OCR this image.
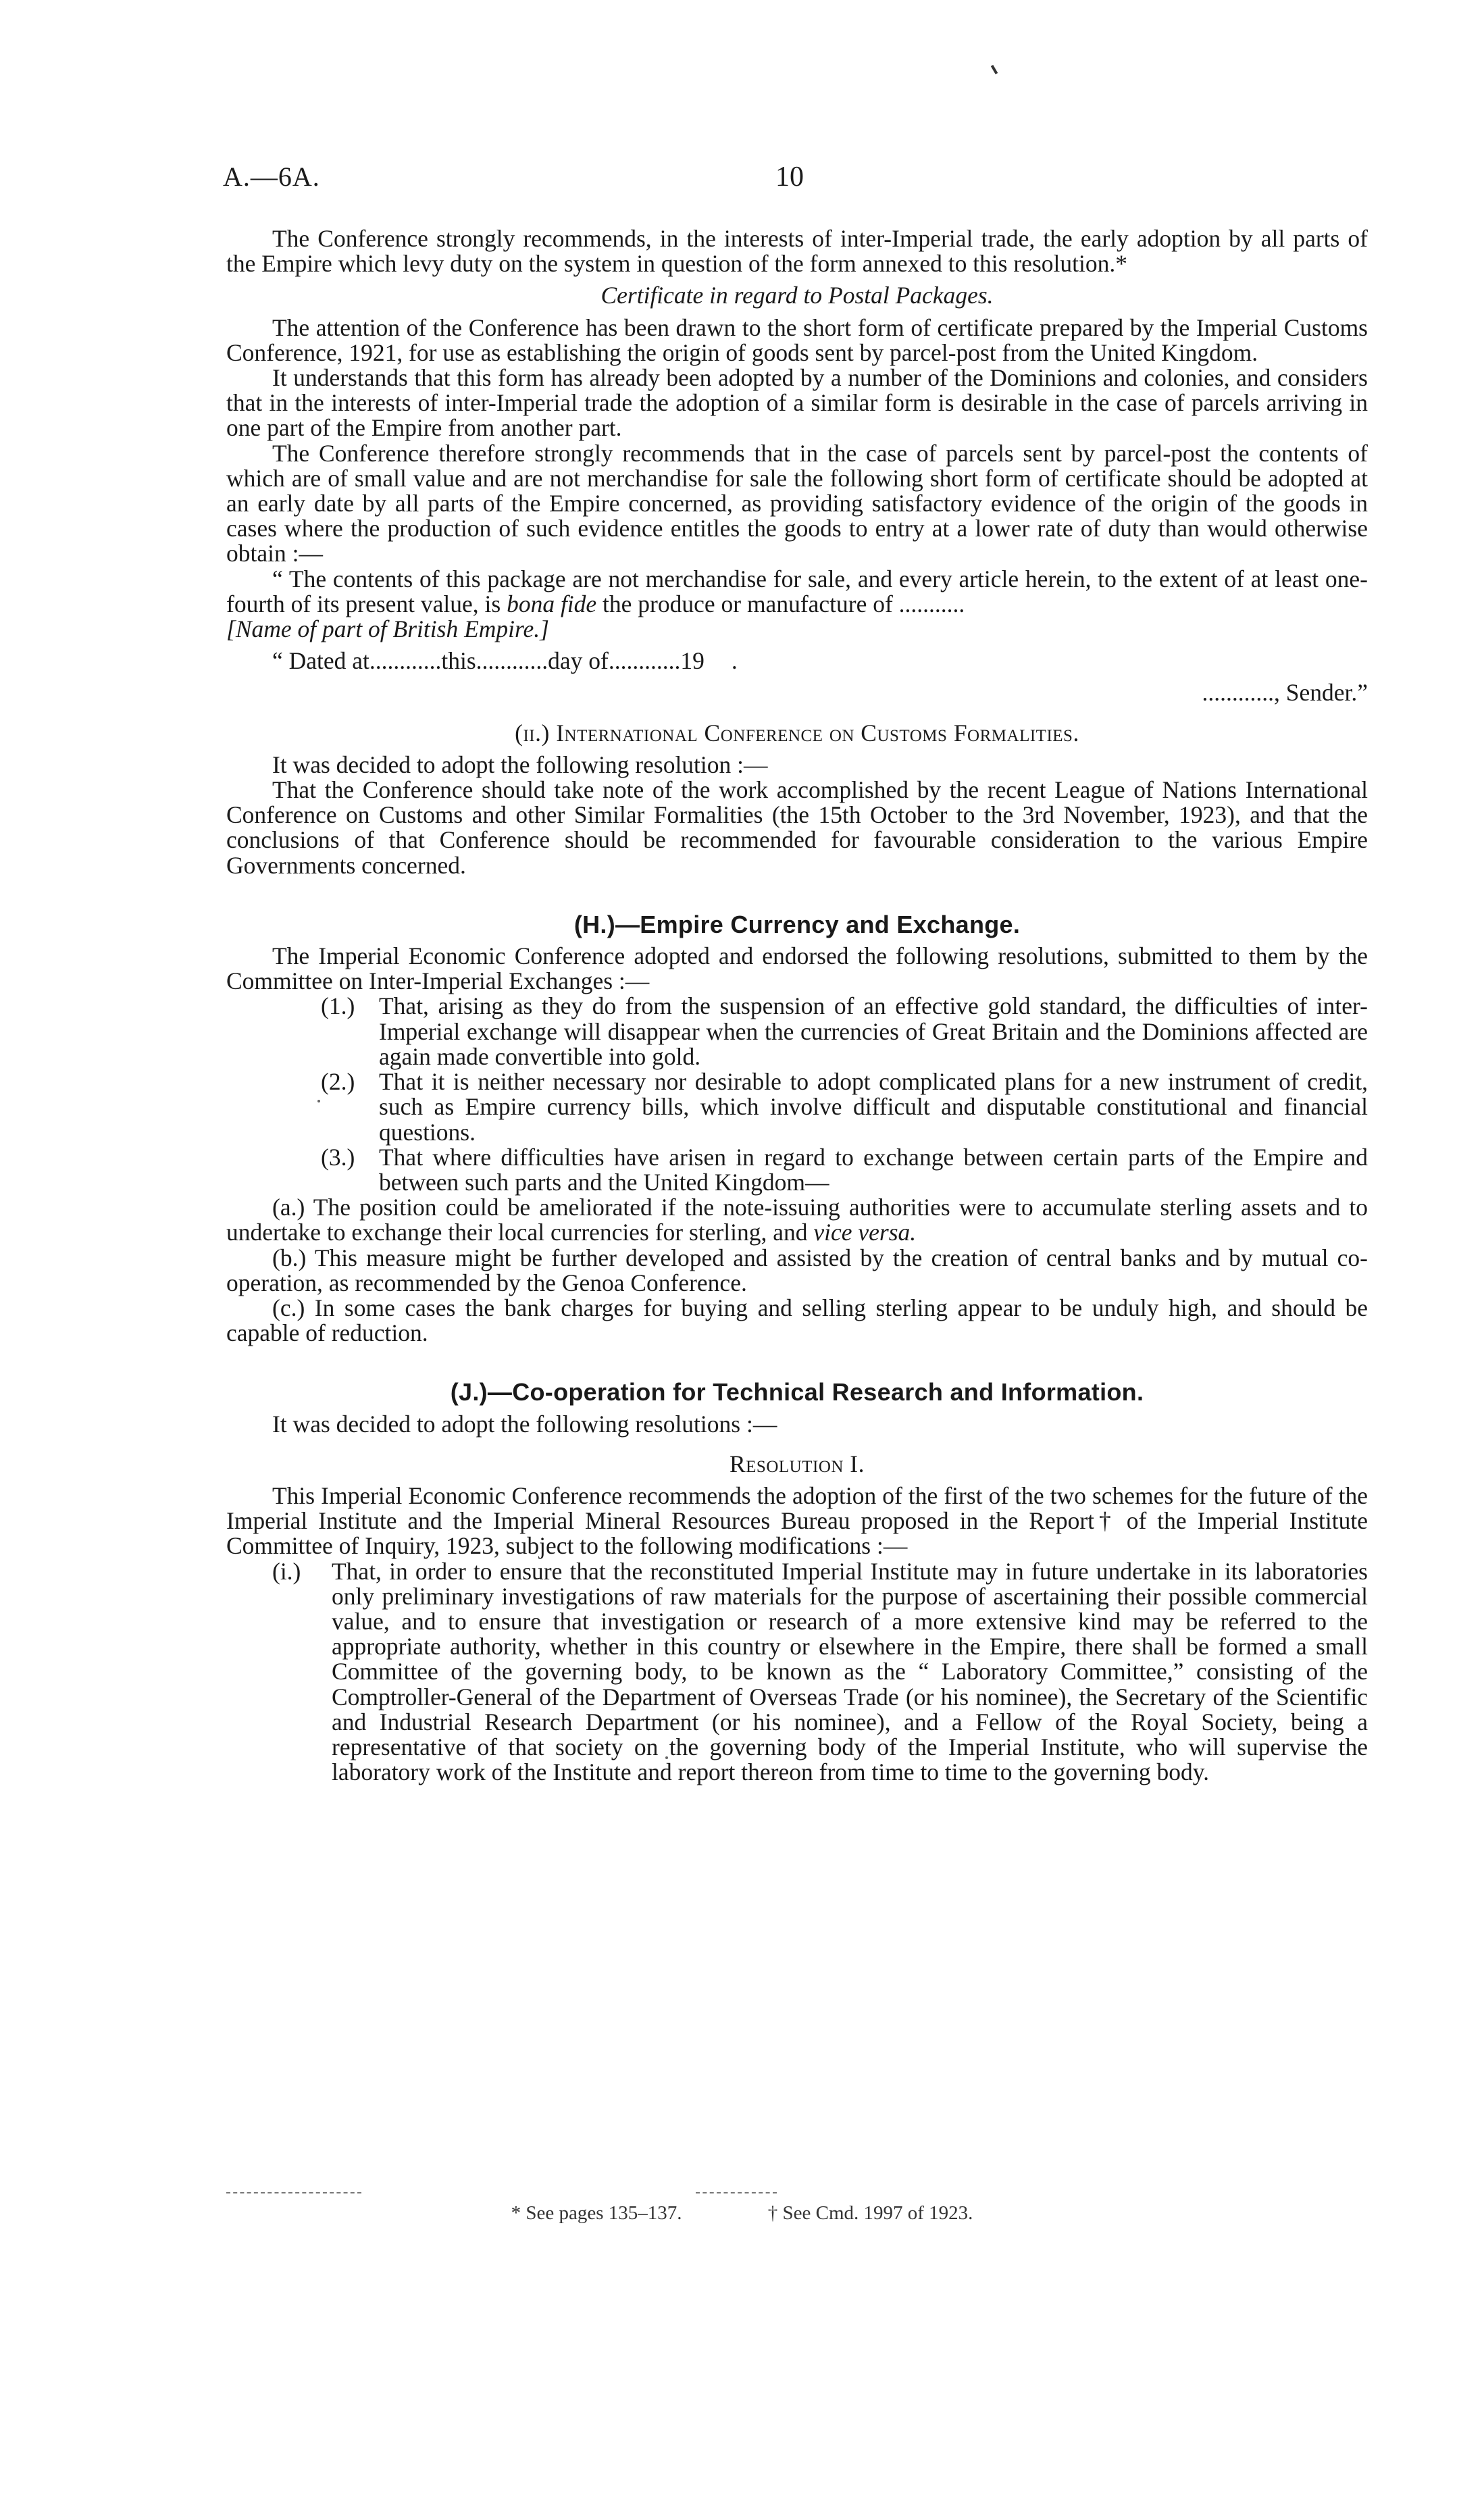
A.—6A.	10

The Conference strongly recommends, in the interests of inter-Imperial trade, the early adoption by all parts of the Empire which levy duty on the system in question of the form annexed to this resolution.*

Certificate in regard to Postal Packages.

The attention of the Conference has been drawn to the short form of certificate prepared by the Imperial Customs Conference, 1921, for use as establishing the origin of goods sent by parcel-post from the United Kingdom.

It understands that this form has already been adopted by a number of the Dominions and colonies, and considers that in the interests of inter-Imperial trade the adoption of a similar form is desirable in the case of parcels arriving in one part of the Empire from another part.

The Conference therefore strongly recommends that in the case of parcels sent by parcel-post the contents of which are of small value and are not merchandise for sale the following short form of certificate should be adopted at an early date by all parts of the Empire concerned, as providing satisfactory evidence of the origin of the goods in cases where the production of such evidence entitles the goods to entry at a lower rate of duty than would otherwise obtain :—

“ The contents of this package are not merchandise for sale, and every article herein, to the extent of at least one-fourth of its present value, is bona fide the produce or manufacture of ...........

[Name of part of British Empire.]

“ Dated at............this............day of............19 .

............, Sender.”

(ii.) International Conference on Customs Formalities.

It was decided to adopt the following resolution :—

That the Conference should take note of the work accomplished by the recent League of Nations International Conference on Customs and other Similar Formalities (the 15th October to the 3rd November, 1923), and that the conclusions of that Conference should be recommended for favourable consideration to the various Empire Governments concerned.

(H.)—Empire Currency and Exchange.

The Imperial Economic Conference adopted and endorsed the following resolutions, submitted to them by the Committee on Inter-Imperial Exchanges :—

(1.)	That, arising as they do from the suspension of an effective gold standard, the difficulties of inter-Imperial exchange will disappear when the currencies of Great Britain and the Dominions affected are again made convertible into gold.
(2.)	That it is neither necessary nor desirable to adopt complicated plans for a new instrument of credit, such as Empire currency bills, which involve difficult and disputable constitutional and financial questions.
(3.)	That where difficulties have arisen in regard to exchange between certain parts of the Empire and between such parts and the United Kingdom—

(a.) The position could be ameliorated if the note-issuing authorities were to accumulate sterling assets and to undertake to exchange their local currencies for sterling, and vice versa.

(b.) This measure might be further developed and assisted by the creation of central banks and by mutual co-operation, as recommended by the Genoa Conference.

(c.) In some cases the bank charges for buying and selling sterling appear to be unduly high, and should be capable of reduction.

(J.)—Co-operation for Technical Research and Information.

It was decided to adopt the following resolutions :—

Resolution I.

This Imperial Economic Conference recommends the adoption of the first of the two schemes for the future of the Imperial Institute and the Imperial Mineral Resources Bureau proposed in the Report† of the Imperial Institute Committee of Inquiry, 1923, subject to the following modifications :—

(i.)	That, in order to ensure that the reconstituted Imperial Institute may in future undertake in its laboratories only preliminary investigations of raw materials for the purpose of ascertaining their possible commercial value, and to ensure that investigation or research of a more extensive kind may be referred to the appropriate authority, whether in this country or elsewhere in the Empire, there shall be formed a small Committee of the governing body, to be known as the “ Laboratory Committee,” consisting of the Comptroller-General of the Department of Overseas Trade (or his nominee), the Secretary of the Scientific and Industrial Research Department (or his nominee), and a Fellow of the Royal Society, being a representative of that society on the governing body of the Imperial Institute, who will supervise the laboratory work of the Institute and report thereon from time to time to the governing body.
* See pages 135–137.	† See Cmd. 1997 of 1923.
